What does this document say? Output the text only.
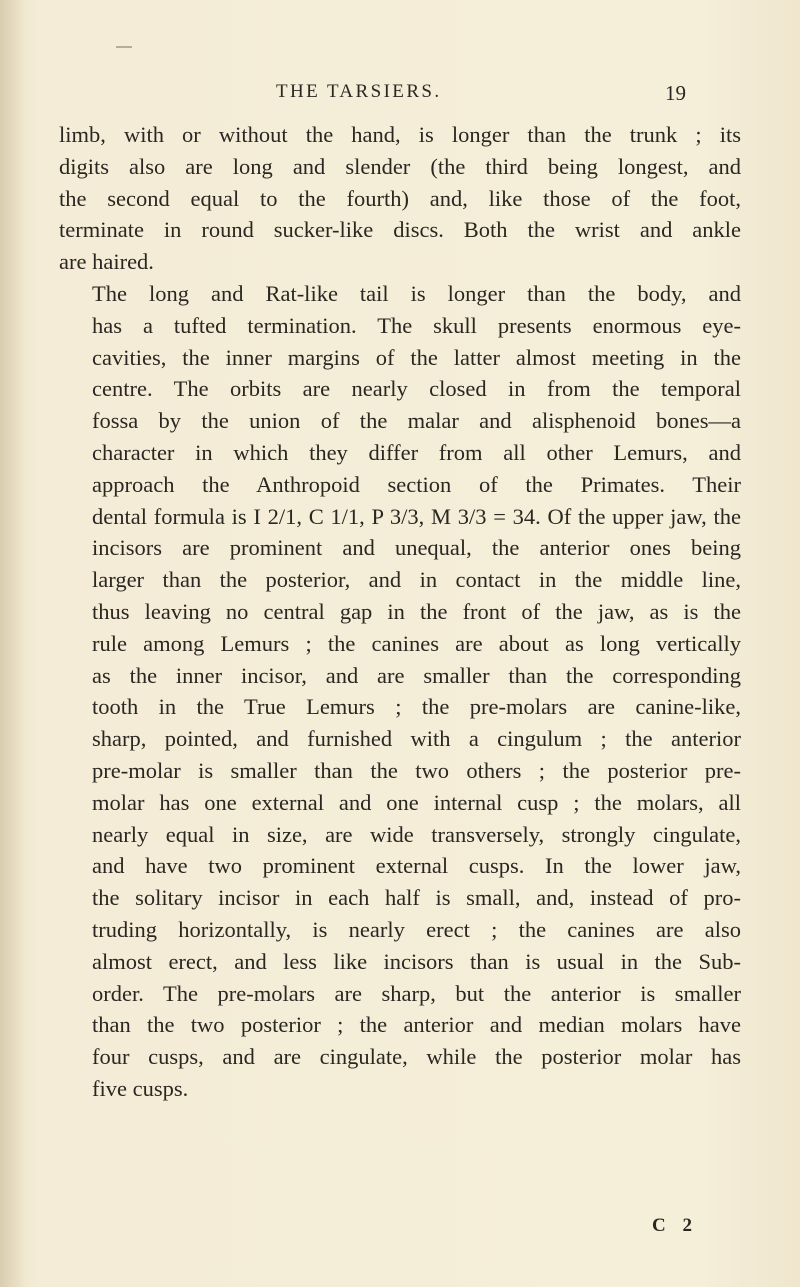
THE TARSIERS.	19

limb, with or without the hand, is longer than the trunk ; its
digits also are long and slender (the third being longest, and
the second equal to the fourth) and, like those of the foot,
terminate in round sucker-like discs. Both the wrist and ankle
are haired.

The long and Rat-like tail is longer than the body, and
has a tufted termination. The skull presents enormous eye-
cavities, the inner margins of the latter almost meeting in the
centre. The orbits are nearly closed in from the temporal
fossa by the union of the malar and alisphenoid bones—a
character in which they differ from all other Lemurs, and
approach the Anthropoid section of the Primates. Their
dental formula is I 2/1, C 1/1, P 3/3, M 3/3 = 34. Of the upper jaw, the
incisors are prominent and unequal, the anterior ones being
larger than the posterior, and in contact in the middle line,
thus leaving no central gap in the front of the jaw, as is the
rule among Lemurs ; the canines are about as long vertically
as the inner incisor, and are smaller than the corresponding
tooth in the True Lemurs ; the pre-molars are canine-like,
sharp, pointed, and furnished with a cingulum ; the anterior
pre-molar is smaller than the two others ; the posterior pre-
molar has one external and one internal cusp ; the molars, all
nearly equal in size, are wide transversely, strongly cingulate,
and have two prominent external cusps. In the lower jaw,
the solitary incisor in each half is small, and, instead of pro-
truding horizontally, is nearly erect ; the canines are also
almost erect, and less like incisors than is usual in the Sub-
order. The pre-molars are sharp, but the anterior is smaller
than the two posterior ; the anterior and median molars have
four cusps, and are cingulate, while the posterior molar has
five cusps.

C 2
